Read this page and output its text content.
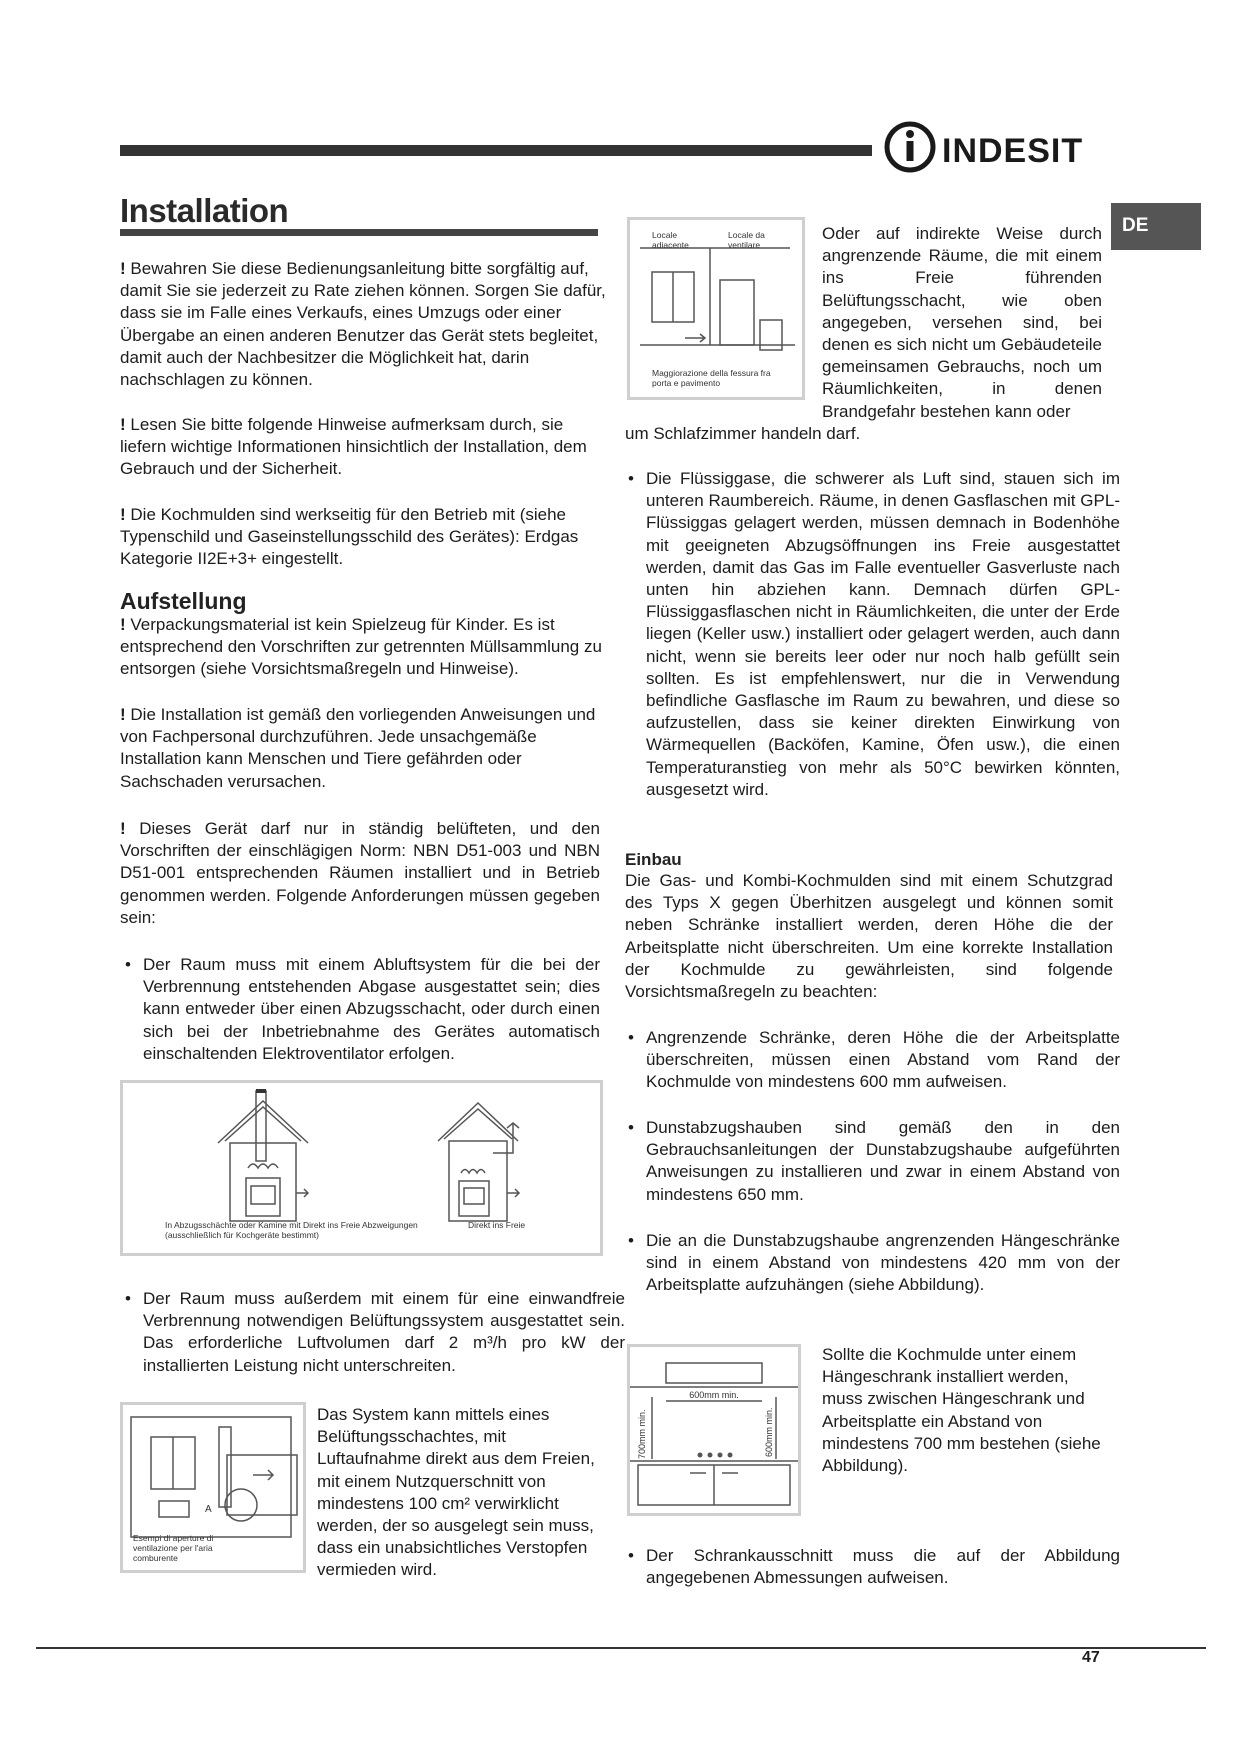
INDESIT
DE
Installation

! Bewahren Sie diese Bedienungsanleitung bitte sorgfältig auf, damit Sie sie jederzeit zu Rate ziehen können. Sorgen Sie dafür, dass sie im Falle eines Verkaufs, eines Umzugs oder einer Übergabe an einen anderen Benutzer das Gerät stets begleitet, damit auch der Nachbesitzer die Möglichkeit hat, darin nachschlagen zu können.

! Lesen Sie bitte folgende Hinweise aufmerksam durch, sie liefern wichtige Informationen hinsichtlich der Installation, dem Gebrauch und der Sicherheit.

! Die Kochmulden sind werkseitig für den Betrieb mit (siehe Typenschild und Gaseinstellungsschild des Gerätes): Erdgas Kategorie II2E+3+ eingestellt.

Aufstellung

! Verpackungsmaterial ist kein Spielzeug für Kinder. Es ist entsprechend den Vorschriften zur getrennten Müllsammlung zu entsorgen (siehe Vorsichtsmaßregeln und Hinweise).

! Die Installation ist gemäß den vorliegenden Anweisungen und von Fachpersonal durchzuführen. Jede unsachgemäße Installation kann Menschen und Tiere gefährden oder Sachschaden verursachen.

! Dieses Gerät darf nur in ständig belüfteten, und den Vorschriften der einschlägigen Norm: NBN D51-003 und NBN D51-001 entsprechenden Räumen installiert und in Betrieb genommen werden. Folgende Anforderungen müssen gegeben sein:

• Der Raum muss mit einem Abluftsystem für die bei der Verbrennung entstehenden Abgase ausgestattet sein; dies kann entweder über einen Abzugsschacht, oder durch einen sich bei der Inbetriebnahme des Gerätes automatisch einschaltenden Elektroventilator erfolgen.
In Abzugsschächte oder Kamine mit Direkt ins Freie Abzweigungen (ausschließlich für Kochgeräte bestimmt)
Direkt ins Freie
• Der Raum muss außerdem mit einem für eine einwandfreie Verbrennung notwendigen Belüftungssystem ausgestattet sein. Das erforderliche Luftvolumen darf 2 m³/h pro kW der installierten Leistung nicht unterschreiten.
A
Esempi di aperture di ventilazione per l'aria comburente

Das System kann mittels eines Belüftungsschachtes, mit Luftaufnahme direkt aus dem Freien, mit einem Nutzquerschnitt von mindestens 100 cm² verwirklicht werden, der so ausgelegt sein muss, dass ein unabsichtliches Verstopfen vermieden wird.

Locale adiacente
Locale da ventilare
Maggiorazione della fessura fra porta e pavimento

Oder auf indirekte Weise durch angrenzende Räume, die mit einem ins Freie führenden Belüftungsschacht, wie oben angegeben, versehen sind, bei denen es sich nicht um Gebäudeteile gemeinsamen Gebrauchs, noch um Räumlichkeiten, in denen Brandgefahr bestehen kann oder

um Schlafzimmer handeln darf.

• Die Flüssiggase, die schwerer als Luft sind, stauen sich im unteren Raumbereich. Räume, in denen Gasflaschen mit GPL-Flüssiggas gelagert werden, müssen demnach in Bodenhöhe mit geeigneten Abzugsöffnungen ins Freie ausgestattet werden, damit das Gas im Falle eventueller Gasverluste nach unten hin abziehen kann. Demnach dürfen GPL-Flüssiggasflaschen nicht in Räumlichkeiten, die unter der Erde liegen (Keller usw.) installiert oder gelagert werden, auch dann nicht, wenn sie bereits leer oder nur noch halb gefüllt sein sollten. Es ist empfehlenswert, nur die in Verwendung befindliche Gasflasche im Raum zu bewahren, und diese so aufzustellen, dass sie keiner direkten Einwirkung von Wärmequellen (Backöfen, Kamine, Öfen usw.), die einen Temperaturanstieg von mehr als 50°C bewirken könnten, ausgesetzt wird.
Einbau

Die Gas- und Kombi-Kochmulden sind mit einem Schutzgrad des Typs X gegen Überhitzen ausgelegt und können somit neben Schränke installiert werden, deren Höhe die der Arbeitsplatte nicht überschreiten. Um eine korrekte Installation der Kochmulde zu gewährleisten, sind folgende Vorsichtsmaßregeln zu beachten:

• Angrenzende Schränke, deren Höhe die der Arbeitsplatte überschreiten, müssen einen Abstand vom Rand der Kochmulde von mindestens 600 mm aufweisen.
• Dunstabzugshauben sind gemäß den in den Gebrauchsanleitungen der Dunstabzugshaube aufgeführten Anweisungen zu installieren und zwar in einem Abstand von mindestens 650 mm.
• Die an die Dunstabzugshaube angrenzenden Hängeschränke sind in einem Abstand von mindestens 420 mm von der Arbeitsplatte aufzuhängen (siehe Abbildung).
600mm min.
700mm min.	600mm min.

Sollte die Kochmulde unter einem Hängeschrank installiert werden, muss zwischen Hängeschrank und Arbeitsplatte ein Abstand von mindestens 700 mm bestehen (siehe Abbildung).

• Der Schrankausschnitt muss die auf der Abbildung angegebenen Abmessungen aufweisen.
47
